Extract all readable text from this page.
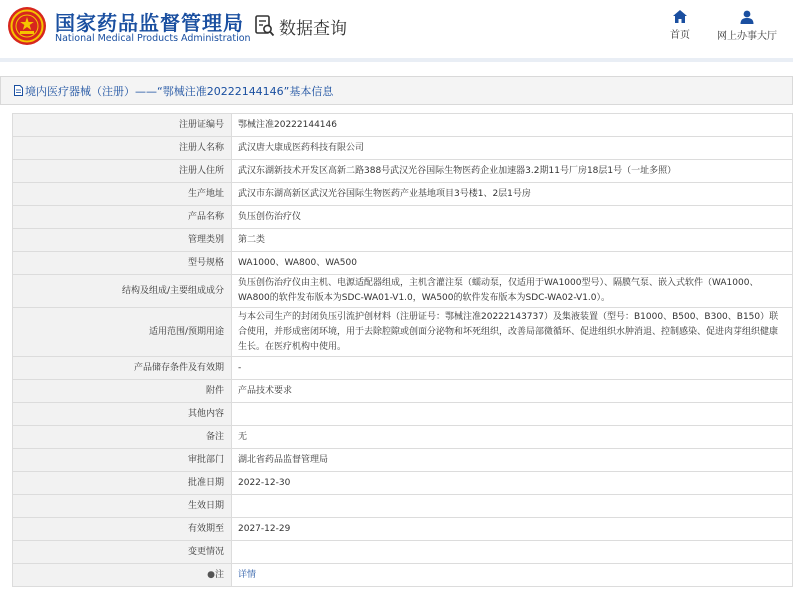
国家药品监督管理局
National Medical Products Administration 数据查询	首页	网上办事大厅
境内医疗器械（注册）——“鄂械注准20222144146”基本信息
注册证编号	鄂械注准20222144146
注册人名称	武汉唐大康成医药科技有限公司
注册人住所	武汉东湖新技术开发区高新二路388号武汉光谷国际生物医药企业加速器3.2期11号厂房18层1号（一址多照）
生产地址	武汉市东湖高新区武汉光谷国际生物医药产业基地项目3号楼1、2层1号房
产品名称	负压创伤治疗仪
管理类别	第二类
型号规格	WA1000、WA800、WA500
结构及组成/主要组成成分	负压创伤治疗仪由主机、电源适配器组成，主机含灌注泵（蠕动泵，仅适用于WA1000型号）、隔膜气泵、嵌入式软件（WA1000、WA800的软件发布版本为SDC-WA01-V1.0，WA500的软件发布版本为SDC-WA02-V1.0）。
适用范围/预期用途	与本公司生产的封闭负压引流护创材料（注册证号：鄂械注准20222143737）及集液装置（型号：B1000、B500、B300、B150）联合使用，并形成密闭环境，用于去除腔隙或创面分泌物和坏死组织，改善局部微循环、促进组织水肿消退、控制感染、促进肉芽组织健康生长。在医疗机构中使用。
产品储存条件及有效期	-
附件	产品技术要求
其他内容	
备注	无
审批部门	湖北省药品监督管理局
批准日期	2022-12-30
生效日期	
有效期至	2027-12-29
变更情况	
●注	详情
